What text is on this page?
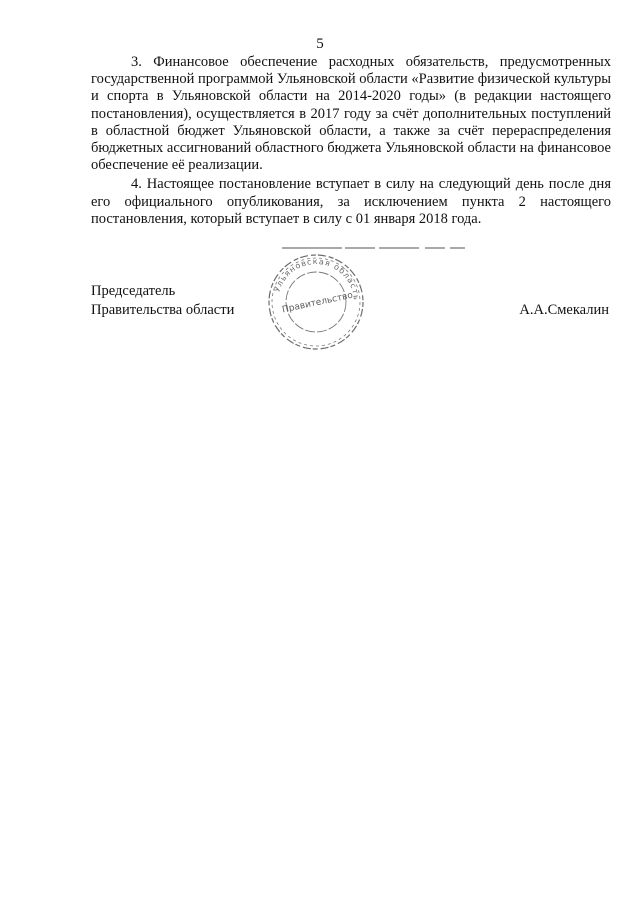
5

3. Финансовое обеспечение расходных обязательств, предусмотренных государственной программой Ульяновской области «Развитие физической культуры и спорта в Ульяновской области на 2014-2020 годы» (в редакции настоящего постановления), осуществляется в 2017 году за счёт дополнительных поступлений в областной бюджет Ульяновской области, а также за счёт перераспределения бюджетных ассигнований областного бюджета Ульяновской области на финансовое обеспечение её реализации.

4. Настоящее постановление вступает в силу на следующий день после дня его официального опубликования, за исключением пункта 2 настоящего постановления, который вступает в силу с 01 января 2018 года.

Председатель
Правительства области
Ульяновская область
Правительство	А.А.Смекалин
